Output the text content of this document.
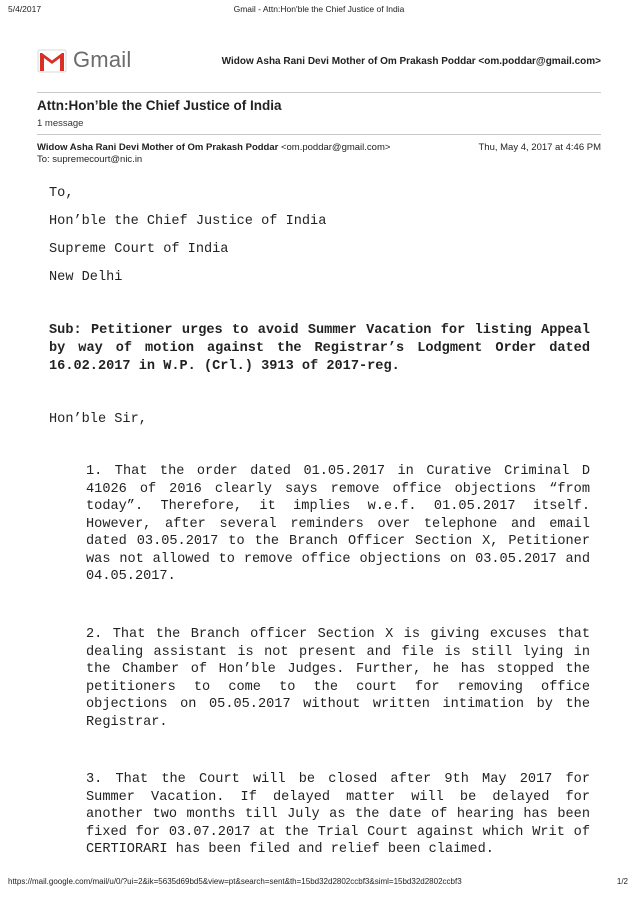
5/4/2017	Gmail - Attn:Hon'ble the Chief Justice of India
Gmail	Widow Asha Rani Devi Mother of Om Prakash Poddar <om.poddar@gmail.com>
Attn:Hon’ble the Chief Justice of India
1 message
Widow Asha Rani Devi Mother of Om Prakash Poddar <om.poddar@gmail.com>	Thu, May 4, 2017 at 4:46 PM
To: supremecourt@nic.in
To,
Hon’ble the Chief Justice of India
Supreme Court of India
New Delhi
Sub: Petitioner urges to avoid Summer Vacation for listing Appeal by way of motion against the Registrar’s Lodgment Order dated 16.02.2017 in W.P. (Crl.) 3913 of 2017-reg.
Hon’ble Sir,
1. That the order dated 01.05.2017 in Curative Criminal D 41026 of 2016 clearly says remove office objections “from today”. Therefore, it implies w.e.f. 01.05.2017 itself. However, after several reminders over telephone and email dated 03.05.2017 to the Branch Officer Section X, Petitioner was not allowed to remove office objections on 03.05.2017 and 04.05.2017.
2. That the Branch officer Section X is giving excuses that dealing assistant is not present and file is still lying in the Chamber of Hon’ble Judges. Further, he has stopped the petitioners to come to the court for removing office objections on 05.05.2017 without written intimation by the Registrar.
3. That the Court will be closed after 9th May 2017 for Summer Vacation. If delayed matter will be delayed for another two months till July as the date of hearing has been fixed for 03.07.2017 at the Trial Court against which Writ of CERTIORARI has been filed and relief been claimed.
https://mail.google.com/mail/u/0/?ui=2&ik=5635d69bd5&view=pt&search=sent&th=15bd32d2802ccbf3&siml=15bd32d2802ccbf3	1/2
